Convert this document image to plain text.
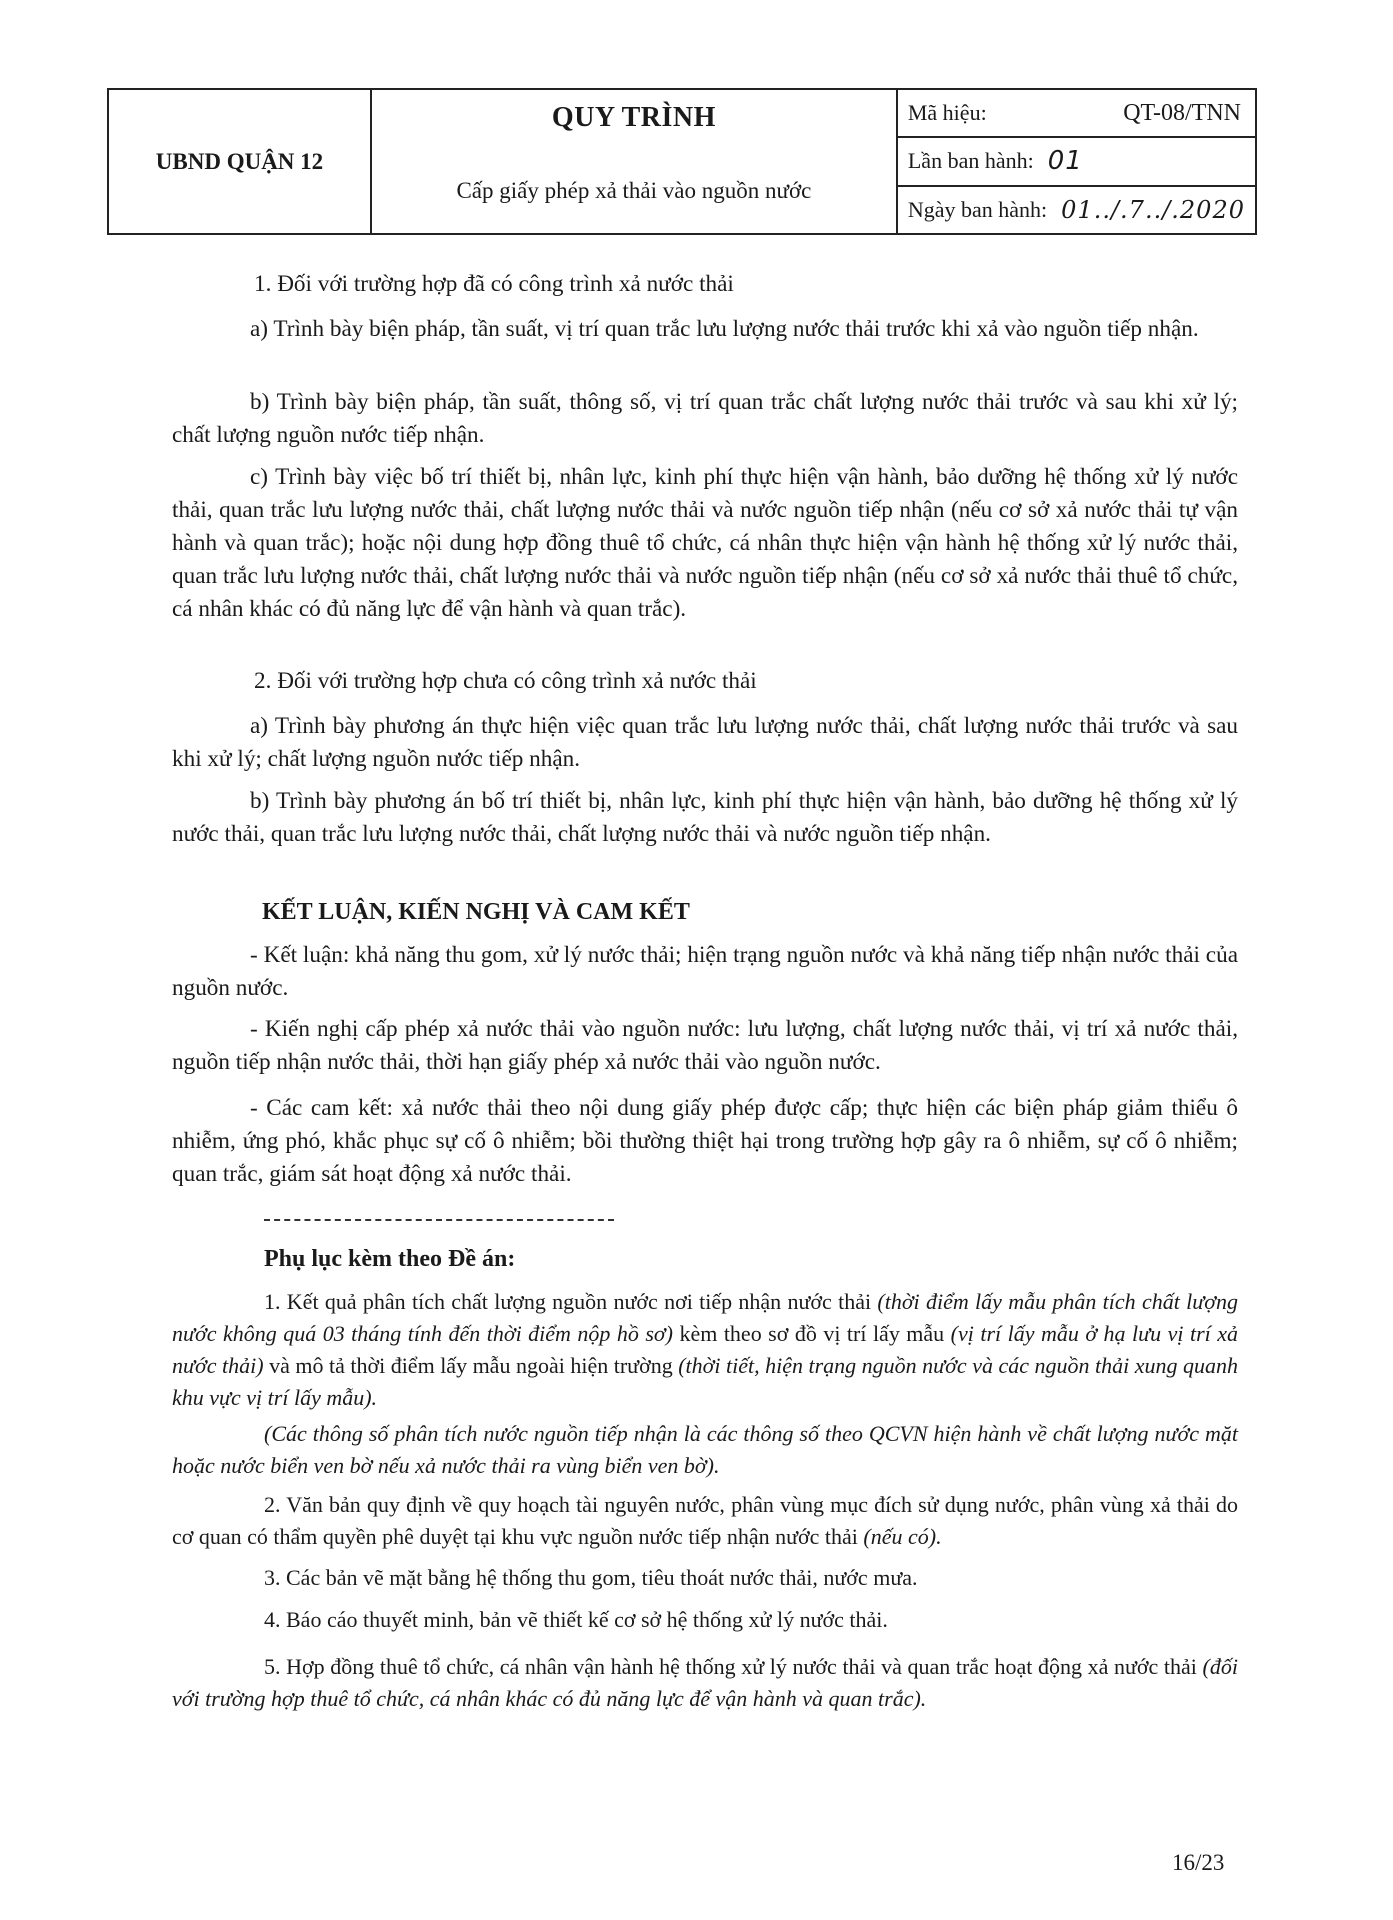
UBND QUẬN 12
QUY TRÌNH
Cấp giấy phép xả thải vào nguồn nước
Mã hiệu:	QT-08/TNN
Lần ban hành: 01
Ngày ban hành: 01../.7../.2020
1. Đối với trường hợp đã có công trình xả nước thải
a) Trình bày biện pháp, tần suất, vị trí quan trắc lưu lượng nước thải trước khi xả vào nguồn tiếp nhận.
b) Trình bày biện pháp, tần suất, thông số, vị trí quan trắc chất lượng nước thải trước và sau khi xử lý; chất lượng nguồn nước tiếp nhận.
c) Trình bày việc bố trí thiết bị, nhân lực, kinh phí thực hiện vận hành, bảo dưỡng hệ thống xử lý nước thải, quan trắc lưu lượng nước thải, chất lượng nước thải và nước nguồn tiếp nhận (nếu cơ sở xả nước thải tự vận hành và quan trắc); hoặc nội dung hợp đồng thuê tổ chức, cá nhân thực hiện vận hành hệ thống xử lý nước thải, quan trắc lưu lượng nước thải, chất lượng nước thải và nước nguồn tiếp nhận (nếu cơ sở xả nước thải thuê tổ chức, cá nhân khác có đủ năng lực để vận hành và quan trắc).
2. Đối với trường hợp chưa có công trình xả nước thải
a) Trình bày phương án thực hiện việc quan trắc lưu lượng nước thải, chất lượng nước thải trước và sau khi xử lý; chất lượng nguồn nước tiếp nhận.
b) Trình bày phương án bố trí thiết bị, nhân lực, kinh phí thực hiện vận hành, bảo dưỡng hệ thống xử lý nước thải, quan trắc lưu lượng nước thải, chất lượng nước thải và nước nguồn tiếp nhận.
KẾT LUẬN, KIẾN NGHỊ VÀ CAM KẾT
- Kết luận: khả năng thu gom, xử lý nước thải; hiện trạng nguồn nước và khả năng tiếp nhận nước thải của nguồn nước.
- Kiến nghị cấp phép xả nước thải vào nguồn nước: lưu lượng, chất lượng nước thải, vị trí xả nước thải, nguồn tiếp nhận nước thải, thời hạn giấy phép xả nước thải vào nguồn nước.
- Các cam kết: xả nước thải theo nội dung giấy phép được cấp; thực hiện các biện pháp giảm thiểu ô nhiễm, ứng phó, khắc phục sự cố ô nhiễm; bồi thường thiệt hại trong trường hợp gây ra ô nhiễm, sự cố ô nhiễm; quan trắc, giám sát hoạt động xả nước thải.
Phụ lục kèm theo Đề án:
1. Kết quả phân tích chất lượng nguồn nước nơi tiếp nhận nước thải (thời điểm lấy mẫu phân tích chất lượng nước không quá 03 tháng tính đến thời điểm nộp hồ sơ) kèm theo sơ đồ vị trí lấy mẫu (vị trí lấy mẫu ở hạ lưu vị trí xả nước thải) và mô tả thời điểm lấy mẫu ngoài hiện trường (thời tiết, hiện trạng nguồn nước và các nguồn thải xung quanh khu vực vị trí lấy mẫu).
(Các thông số phân tích nước nguồn tiếp nhận là các thông số theo QCVN hiện hành về chất lượng nước mặt hoặc nước biển ven bờ nếu xả nước thải ra vùng biển ven bờ).
2. Văn bản quy định về quy hoạch tài nguyên nước, phân vùng mục đích sử dụng nước, phân vùng xả thải do cơ quan có thẩm quyền phê duyệt tại khu vực nguồn nước tiếp nhận nước thải (nếu có).
3. Các bản vẽ mặt bằng hệ thống thu gom, tiêu thoát nước thải, nước mưa.
4. Báo cáo thuyết minh, bản vẽ thiết kế cơ sở hệ thống xử lý nước thải.
5. Hợp đồng thuê tổ chức, cá nhân vận hành hệ thống xử lý nước thải và quan trắc hoạt động xả nước thải (đối với trường hợp thuê tổ chức, cá nhân khác có đủ năng lực để vận hành và quan trắc).
16/23
